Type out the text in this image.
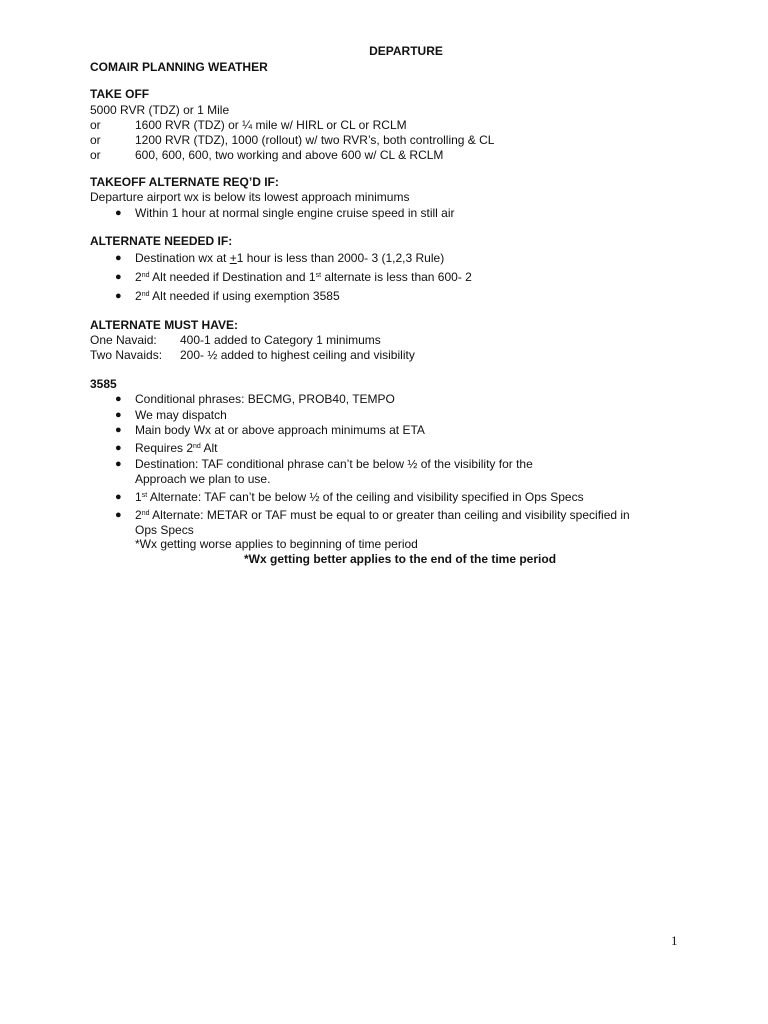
DEPARTURE
COMAIR PLANNING WEATHER
TAKE OFF
5000 RVR (TDZ) or 1 Mile
or	1600 RVR (TDZ) or ¼ mile w/ HIRL or CL or RCLM
or	1200 RVR (TDZ), 1000 (rollout) w/ two RVR’s, both controlling & CL
or	600, 600, 600, two working and above 600 w/ CL & RCLM
TAKEOFF ALTERNATE REQ’D IF:
Departure airport wx is below its lowest approach minimums
● Within 1 hour at normal single engine cruise speed in still air
ALTERNATE NEEDED IF:
● Destination wx at +1 hour is less than 2000- 3 (1,2,3 Rule)
● 2nd Alt needed if Destination and 1st alternate is less than 600- 2
● 2nd Alt needed if using exemption 3585
ALTERNATE MUST HAVE:
One Navaid: 400-1 added to Category 1 minimums
Two Navaids: 200- ½ added to highest ceiling and visibility
3585
● Conditional phrases: BECMG, PROB40, TEMPO
● We may dispatch
● Main body Wx at or above approach minimums at ETA
● Requires 2nd Alt
● Destination: TAF conditional phrase can’t be below ½ of the visibility for the
Approach we plan to use.
● 1st Alternate: TAF can’t be below ½ of the ceiling and visibility specified in Ops Specs
● 2nd Alternate: METAR or TAF must be equal to or greater than ceiling and visibility specified in
Ops Specs
*Wx getting worse applies to beginning of time period
*Wx getting better applies to the end of the time period
1
